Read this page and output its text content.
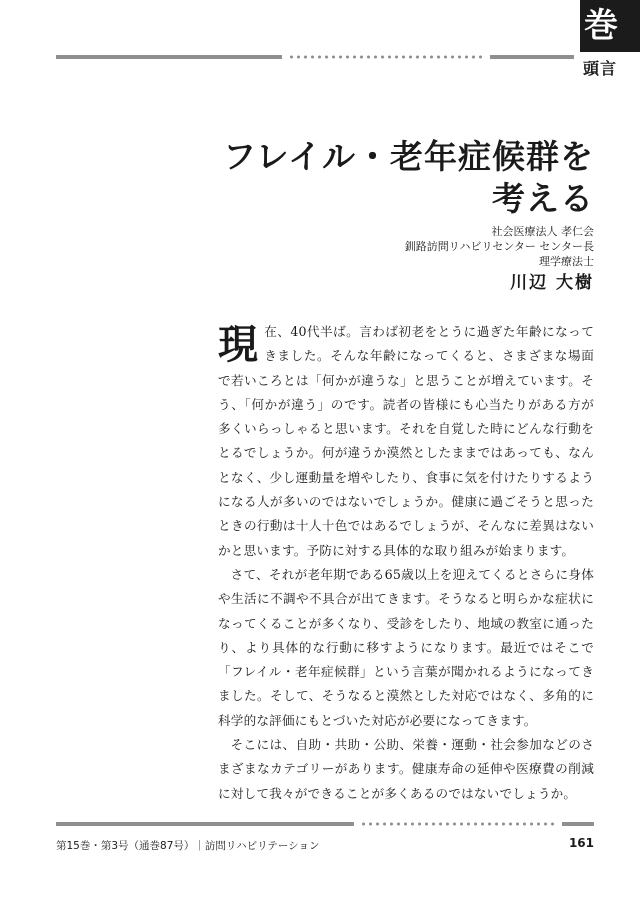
巻
頭言
フレイル・老年症候群を
考える
社会医療法人 孝仁会
釧路訪問リハビリセンター センター長
理学療法士
川辺 大樹

現在、40代半ば。言わば初老をとうに過ぎた年齢になってきました。そんな年齢になってくると、さまざまな場面で若いころとは「何かが違うな」と思うことが増えています。そう、「何かが違う」のです。読者の皆様にも心当たりがある方が多くいらっしゃると思います。それを自覚した時にどんな行動をとるでしょうか。何が違うか漠然としたままではあっても、なんとなく、少し運動量を増やしたり、食事に気を付けたりするようになる人が多いのではないでしょうか。健康に過ごそうと思ったときの行動は十人十色ではあるでしょうが、そんなに差異はないかと思います。予防に対する具体的な取り組みが始まります。

さて、それが老年期である65歳以上を迎えてくるとさらに身体や生活に不調や不具合が出てきます。そうなると明らかな症状になってくることが多くなり、受診をしたり、地域の教室に通ったり、より具体的な行動に移すようになります。最近ではそこで「フレイル・老年症候群」という言葉が聞かれるようになってきました。そして、そうなると漠然とした対応ではなく、多角的に科学的な評価にもとづいた対応が必要になってきます。

そこには、自助・共助・公助、栄養・運動・社会参加などのさまざまなカテゴリーがあります。健康寿命の延伸や医療費の削減に対して我々ができることが多くあるのではないでしょうか。

第15巻・第3号（通巻87号）｜訪問リハビリテーション	161
